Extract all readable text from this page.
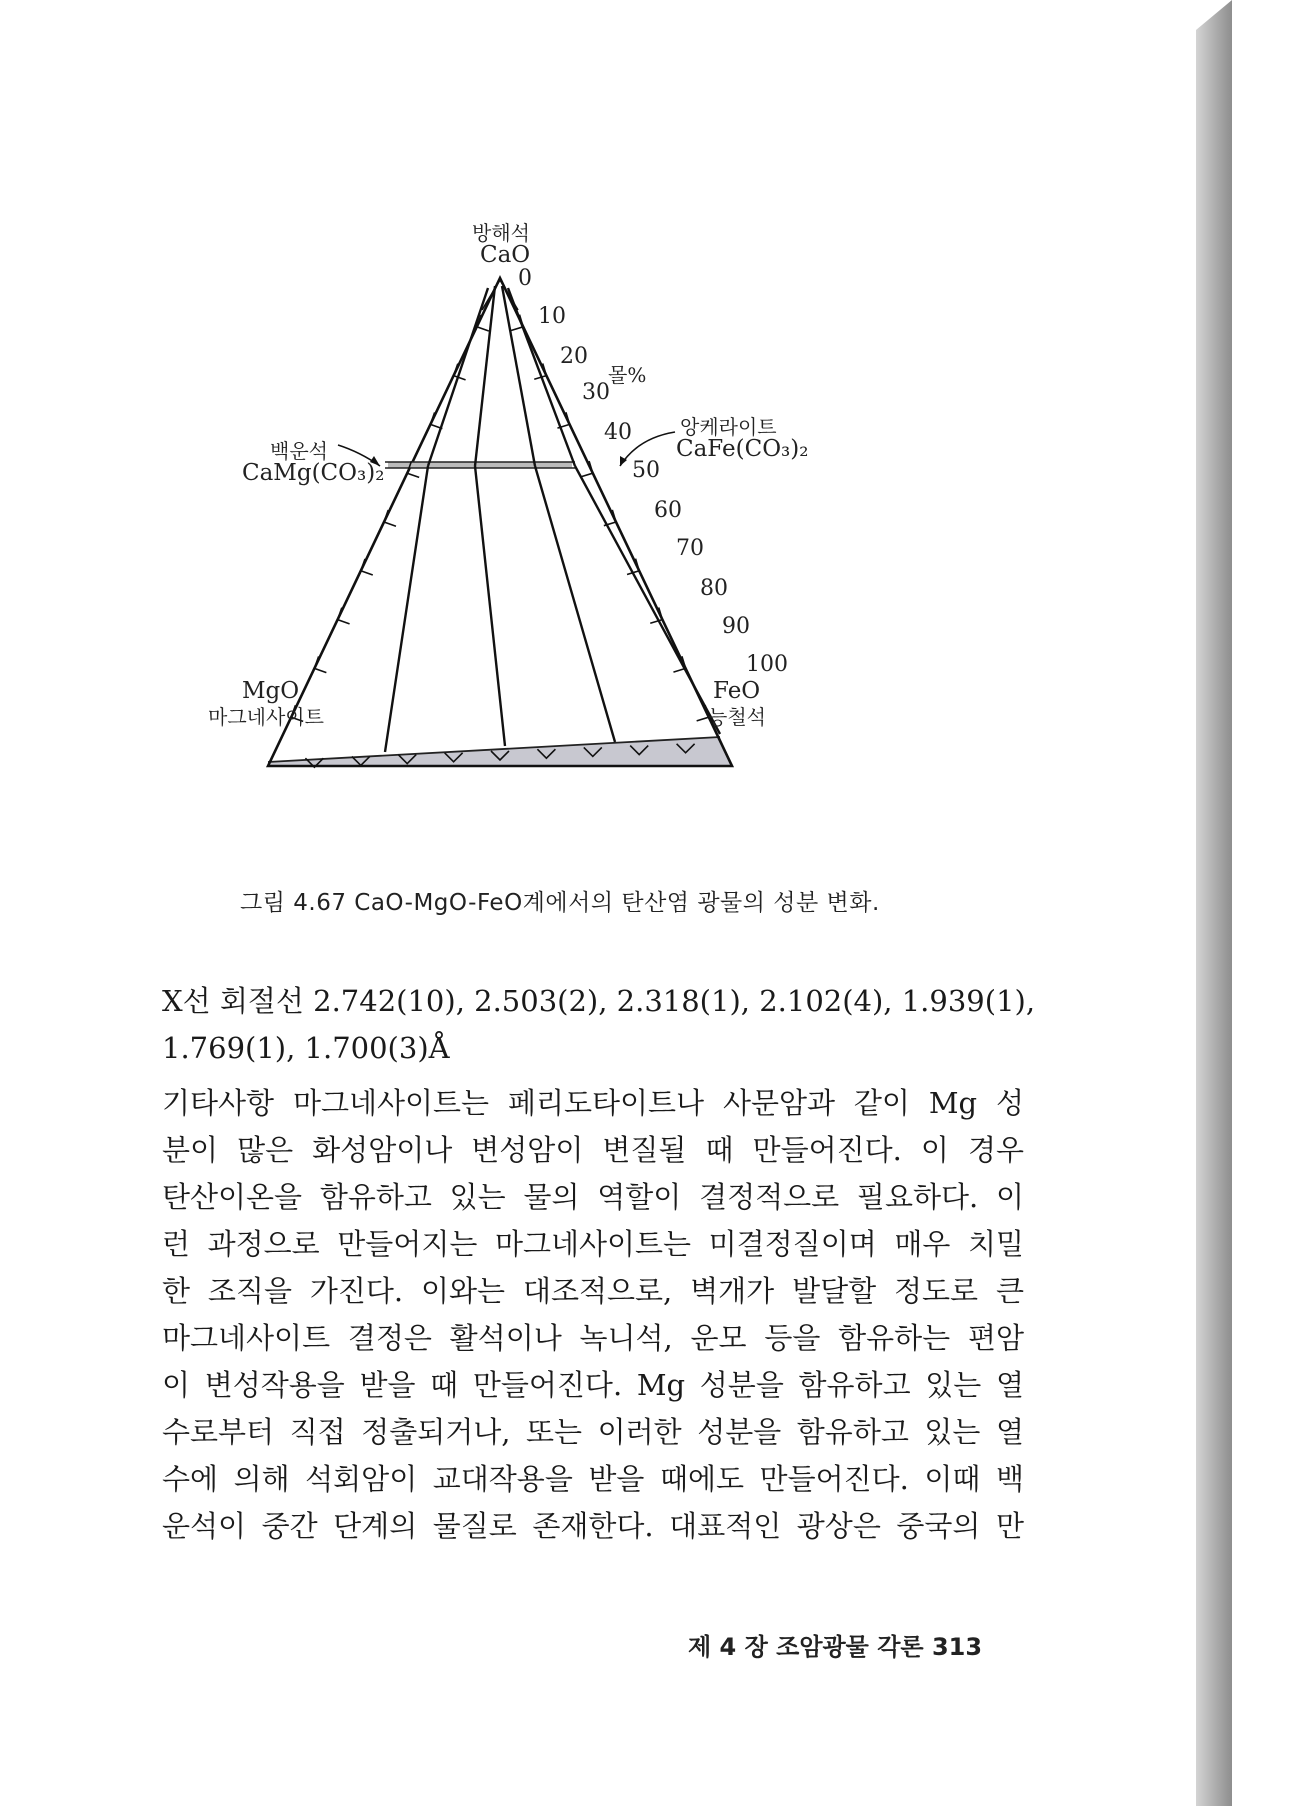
방해석
CaO
MgO
마그네사이트
FeO
능철석
백운석
CaMg(CO₃)₂
앙케라이트
CaFe(CO₃)₂
몰%
0
10
20
30
40
50
60
70
80
90
100
그림 4.67 CaO-MgO-FeO계에서의 탄산염 광물의 성분 변화.
X선 회절선 2.742(10), 2.503(2), 2.318(1), 2.102(4), 1.939(1),
1.769(1), 1.700(3)Å
기타사항 마그네사이트는 페리도타이트나 사문암과 같이 Mg 성
분이 많은 화성암이나 변성암이 변질될 때 만들어진다. 이 경우
탄산이온을 함유하고 있는 물의 역할이 결정적으로 필요하다. 이
런 과정으로 만들어지는 마그네사이트는 미결정질이며 매우 치밀
한 조직을 가진다. 이와는 대조적으로, 벽개가 발달할 정도로 큰
마그네사이트 결정은 활석이나 녹니석, 운모 등을 함유하는 편암
이 변성작용을 받을 때 만들어진다. Mg 성분을 함유하고 있는 열
수로부터 직접 정출되거나, 또는 이러한 성분을 함유하고 있는 열
수에 의해 석회암이 교대작용을 받을 때에도 만들어진다. 이때 백
운석이 중간 단계의 물질로 존재한다. 대표적인 광상은 중국의 만
제 4 장 조암광물 각론 313
